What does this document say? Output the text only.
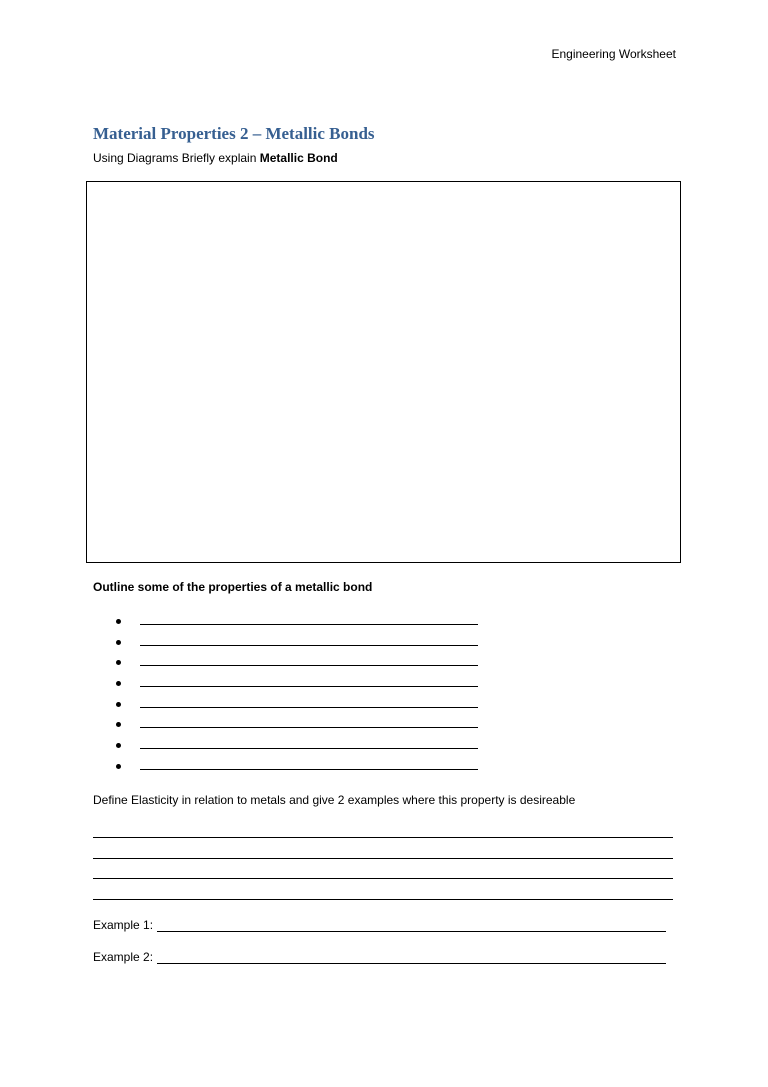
Engineering Worksheet
Material Properties 2 – Metallic Bonds
Using Diagrams Briefly explain Metallic Bond
Outline some of the properties of a metallic bond
Define Elasticity in relation to metals and give 2 examples where this property is desireable
Example 1:
Example 2:
